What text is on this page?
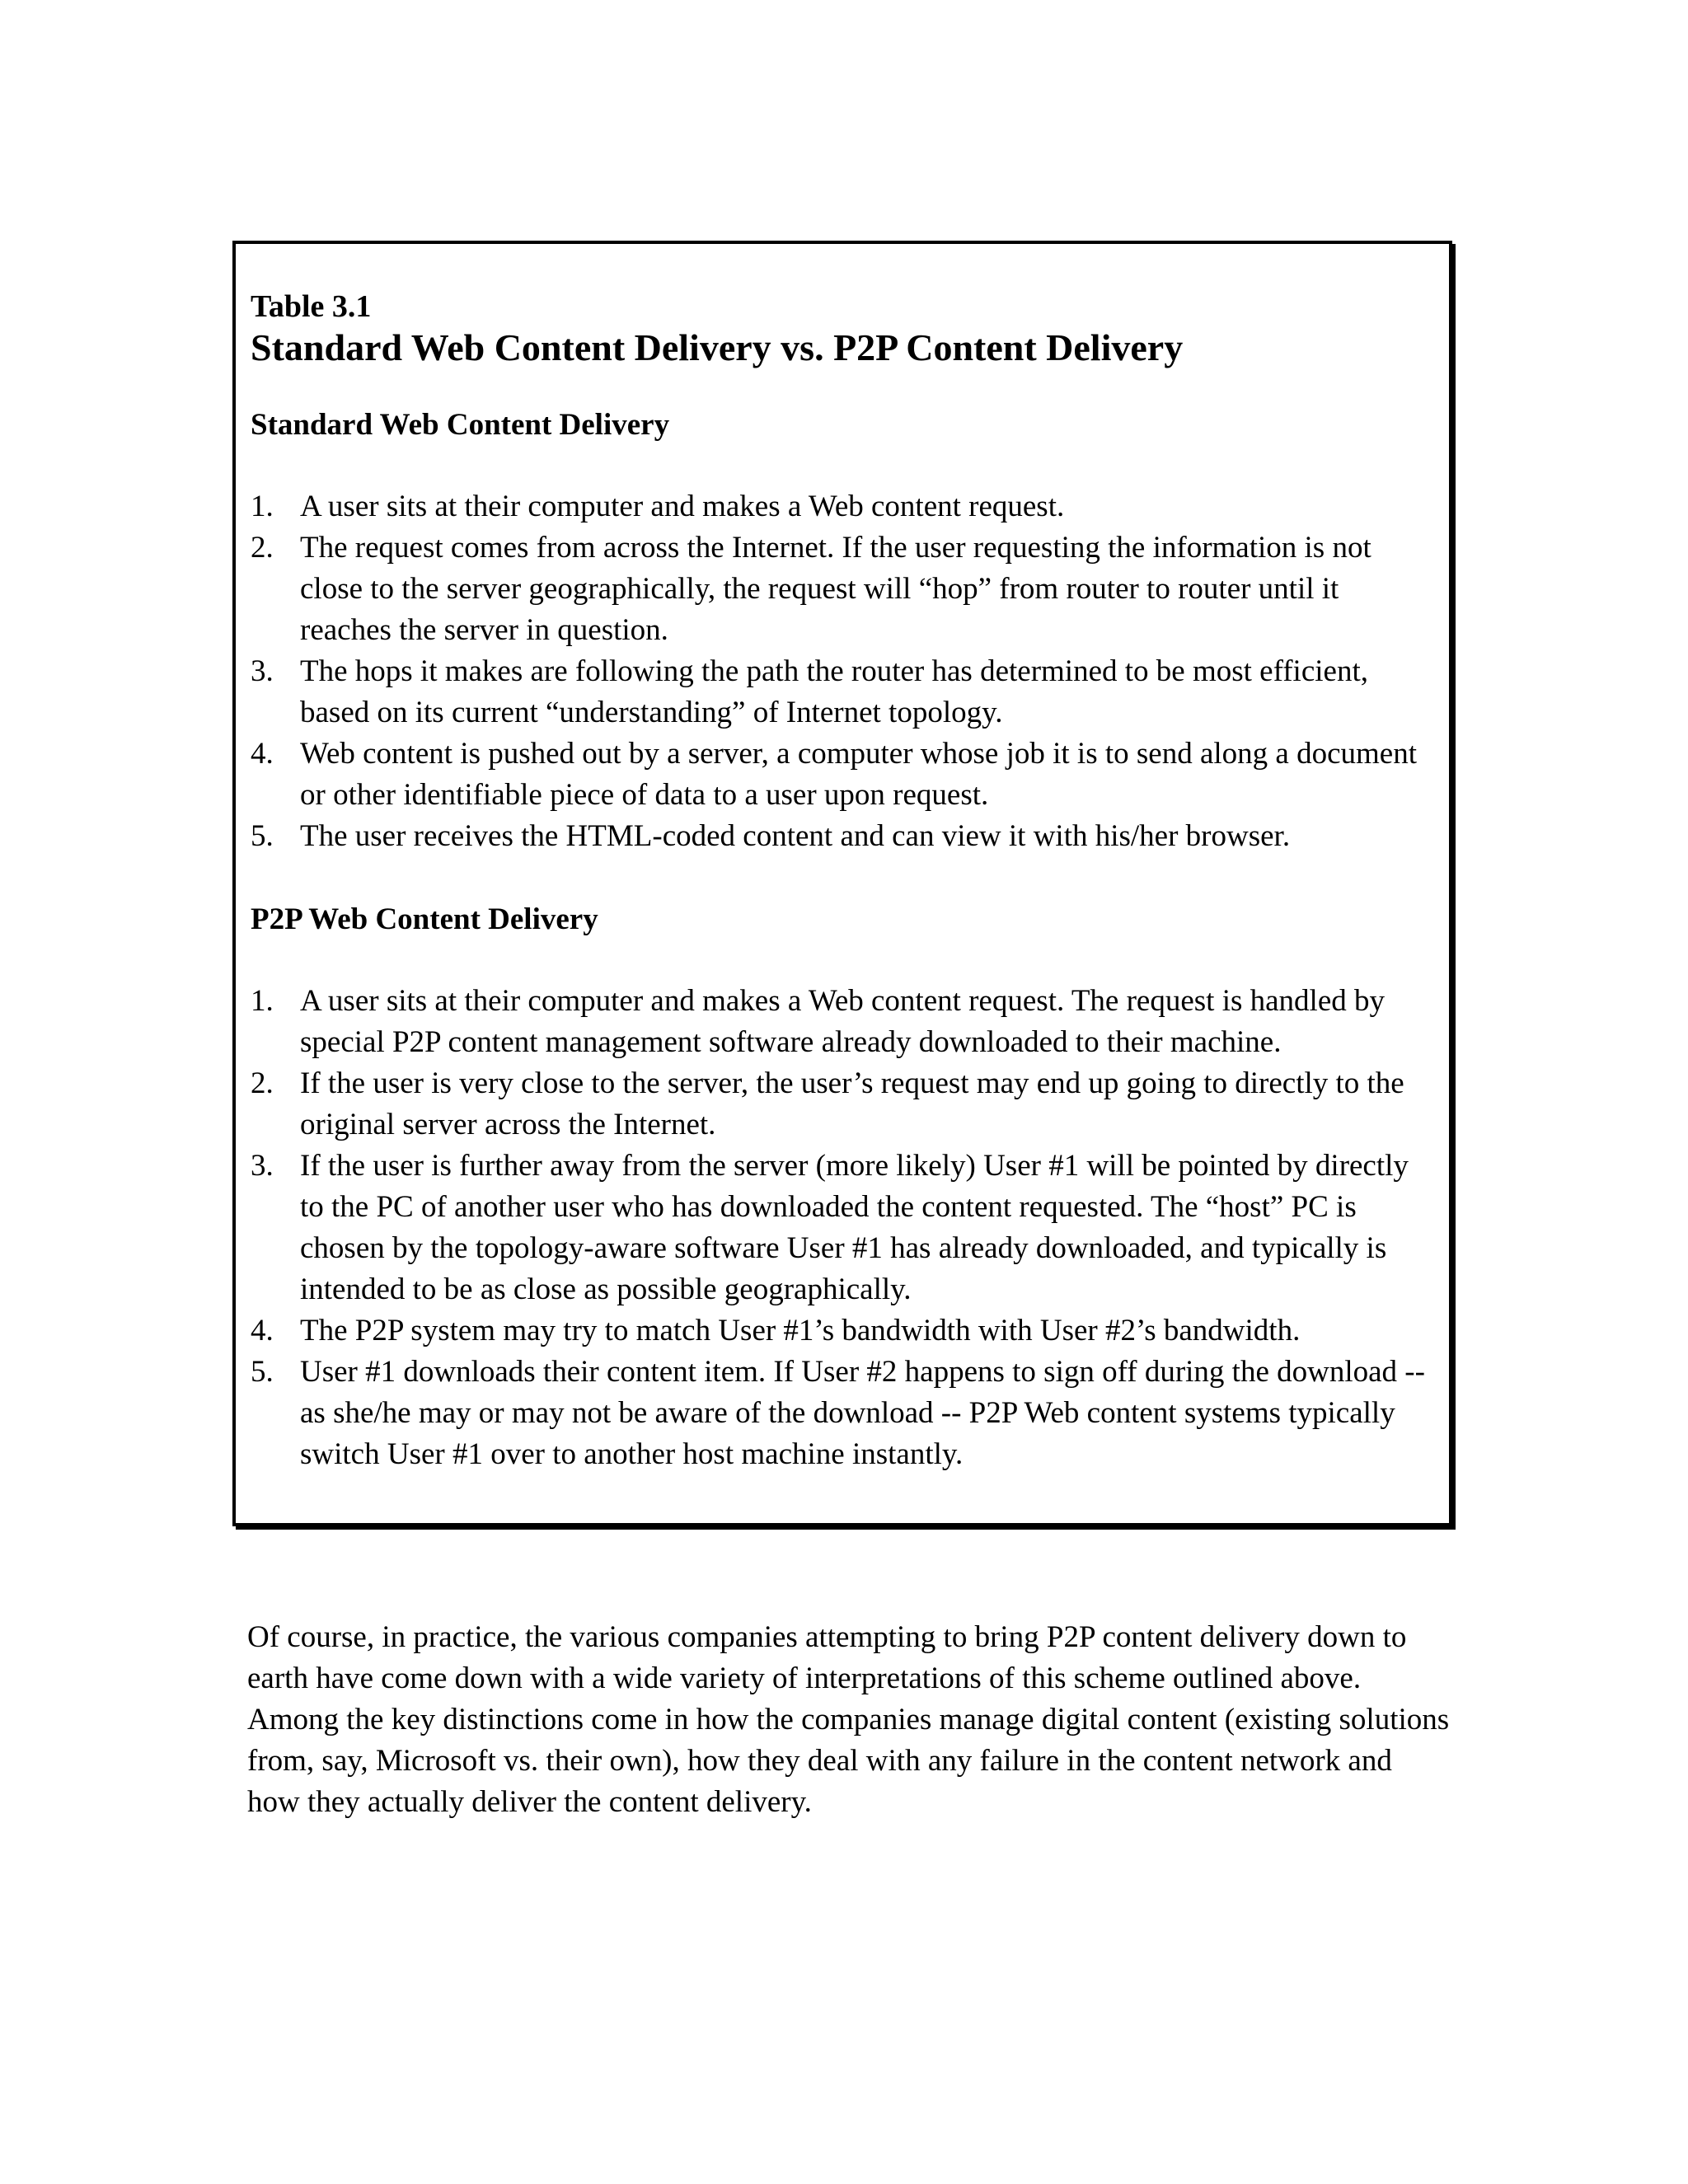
Table 3.1

Standard Web Content Delivery vs. P2P Content Delivery
Standard Web Content Delivery
1. A user sits at their computer and makes a Web content request.
2. The request comes from across the Internet. If the user requesting the information is not close to the server geographically, the request will “hop” from router to router until it reaches the server in question.
3. The hops it makes are following the path the router has determined to be most efficient, based on its current “understanding” of Internet topology.
4. Web content is pushed out by a server, a computer whose job it is to send along a document or other identifiable piece of data to a user upon request.
5. The user receives the HTML-coded content and can view it with his/her browser.
P2P Web Content Delivery
1. A user sits at their computer and makes a Web content request. The request is handled by special P2P content management software already downloaded to their machine.
2. If the user is very close to the server, the user’s request may end up going to directly to the original server across the Internet.
3. If the user is further away from the server (more likely) User #1 will be pointed by directly to the PC of another user who has downloaded the content requested. The “host” PC is chosen by the topology-aware software User #1 has already downloaded, and typically is intended to be as close as possible geographically.
4. The P2P system may try to match User #1’s bandwidth with User #2’s bandwidth.
5. User #1 downloads their content item. If User #2 happens to sign off during the download -- as she/he may or may not be aware of the download -- P2P Web content systems typically switch User #1 over to another host machine instantly.

Of course, in practice, the various companies attempting to bring P2P content delivery down to earth have come down with a wide variety of interpretations of this scheme outlined above. Among the key distinctions come in how the companies manage digital content (existing solutions from, say, Microsoft vs. their own), how they deal with any failure in the content network and how they actually deliver the content delivery.
